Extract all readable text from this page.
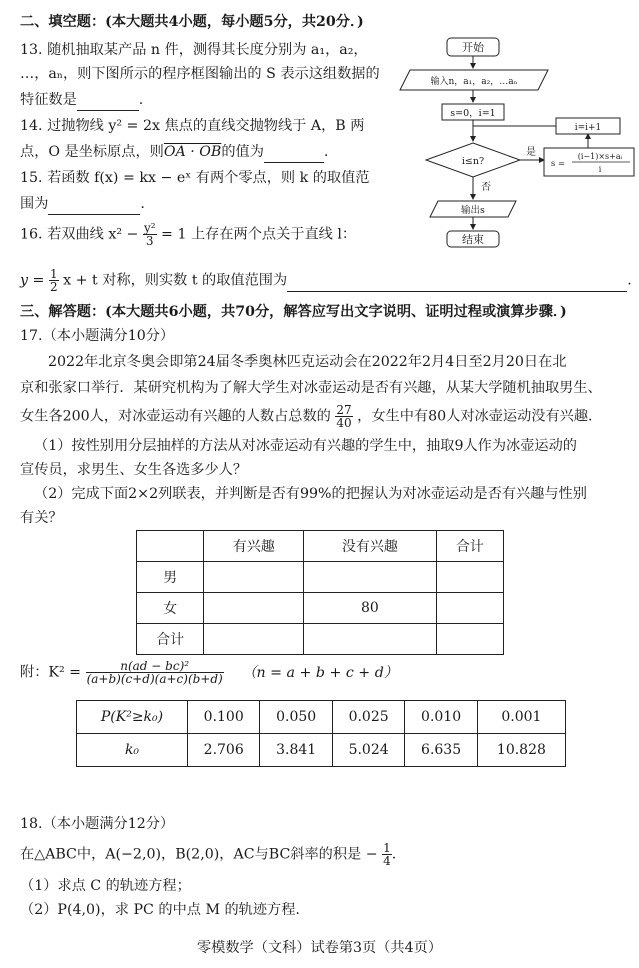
二、填空题：(本大题共4小题，每小题5分，共20分．)
13. 随机抽取某产品 n 件，测得其长度分别为 a₁，a₂，
…，aₙ，则下图所示的程序框图输出的 S 表示这组数据的
特征数是	.
14. 过抛物线 y² = 2x 焦点的直线交抛物线于 A，B 两
点，O 是坐标原点，则OA · OB的值为	.
15. 若函数 f(x) = kx − eˣ 有两个零点，则 k 的取值范
围为	.
16. 若双曲线 $x^2 - \frac{\text{y²}}{3} = 1$ 上存在两个点关于直线 l：
$y = \frac{1}{2}$ x + t 对称，则实数 t 的取值范围为	.
开始
输入n，a₁，a₂，…aₙ
s=0，i=1
i≤n?
是
否
s =
(i−1)×s+aᵢ
i
i=i+1
输出s
结束
三、解答题：(本大题共6小题，共70分，解答应写出文字说明、证明过程或演算步骤．)
17.（本小题满分10分）
2022年北京冬奥会即第24届冬季奥林匹克运动会在2022年2月4日至2月20日在北
京和张家口举行．某研究机构为了解大学生对冰壶运动是否有兴趣，从某大学随机抽取男生、
女生各200人，对冰壶运动有兴趣的人数占总数的 $\frac{27}{40}$ ，女生中有80人对冰壶运动没有兴趣．
（1）按性别用分层抽样的方法从对冰壶运动有兴趣的学生中，抽取9人作为冰壶运动的
宣传员，求男生、女生各选多少人？
（2）完成下面2×2列联表，并判断是否有99%的把握认为对冰壶运动是否有兴趣与性别
有关？
	有兴趣	没有兴趣	合计
男			
女		80	
合计			
附：$K^2 = \frac{\text{n(ad − bc)²}}{(a+b)(c+d)(a+c)(b+d)} (n = a + b + c + d)$
P(K²≥k₀)	0.100	0.050	0.025	0.010	0.001
k₀	2.706	3.841	5.024	6.635	10.828
18.（本小题满分12分）
在△ABC中，A(−2,0)，B(2,0)，AC与BC斜率的积是 − $\frac{1}{4}$ .
（1）求点 C 的轨迹方程；
（2）P(4,0)，求 PC 的中点 M 的轨迹方程.
零模数学（文科）试卷第3页（共4页）
